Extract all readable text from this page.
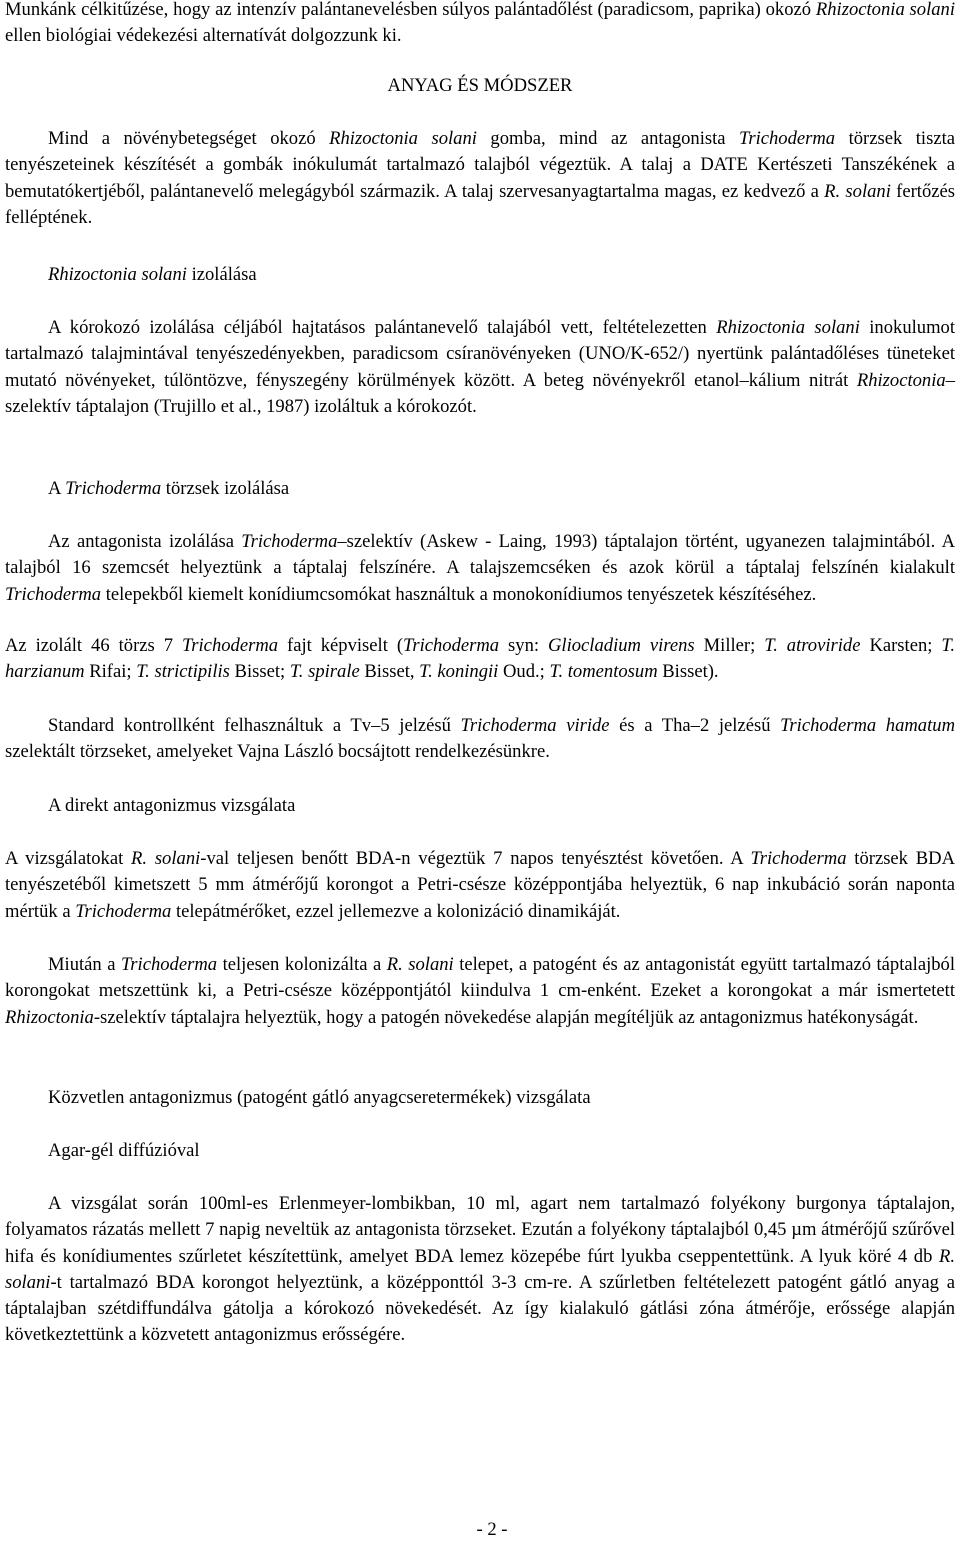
Munkánk célkitűzése, hogy az intenzív palántanevelésben súlyos palántadőlést (paradicsom, paprika) okozó Rhizoctonia solani ellen biológiai védekezési alternatívát dolgozzunk ki.

ANYAG ÉS MÓDSZER

Mind a növénybetegséget okozó Rhizoctonia solani gomba, mind az antagonista Trichoderma törzsek tiszta tenyészeteinek készítését a gombák inókulumát tartalmazó talajból végeztük. A talaj a DATE Kertészeti Tanszékének a bemutatókertjéből, palántanevelő melegágyból származik. A talaj szervesanyagtartalma magas, ez kedvező a R. solani fertőzés felléptének.

Rhizoctonia solani izolálása

A kórokozó izolálása céljából hajtatásos palántanevelő talajából vett, feltételezetten Rhizoctonia solani inokulumot tartalmazó talajmintával tenyészedényekben, paradicsom csíranövényeken (UNO/K-652/) nyertünk palántadőléses tüneteket mutató növényeket, túlöntözve, fényszegény körülmények között. A beteg növényekről etanol–kálium nitrát Rhizoctonia–szelektív táptalajon (Trujillo et al., 1987) izoláltuk a kórokozót.

A Trichoderma törzsek izolálása

Az antagonista izolálása Trichoderma–szelektív (Askew - Laing, 1993) táptalajon történt, ugyanezen talajmintából. A talajból 16 szemcsét helyeztünk a táptalaj felszínére. A talajszemcséken és azok körül a táptalaj felszínén kialakult Trichoderma telepekből kiemelt konídiumcsomókat használtuk a monokonídiumos tenyészetek készítéséhez.

Az izolált 46 törzs 7 Trichoderma fajt képviselt (Trichoderma syn: Gliocladium virens Miller; T. atroviride Karsten; T. harzianum Rifai; T. strictipilis Bisset; T. spirale Bisset, T. koningii Oud.; T. tomentosum Bisset).

Standard kontrollként felhasználtuk a Tv–5 jelzésű Trichoderma viride és a Tha–2 jelzésű Trichoderma hamatum szelektált törzseket, amelyeket Vajna László bocsájtott rendelkezésünkre.

A direkt antagonizmus vizsgálata

A vizsgálatokat R. solani-val teljesen benőtt BDA-n végeztük 7 napos tenyésztést követően. A Trichoderma törzsek BDA tenyészetéből kimetszett 5 mm átmérőjű korongot a Petri-csésze középpontjába helyeztük, 6 nap inkubáció során naponta mértük a Trichoderma telepátmérőket, ezzel jellemezve a kolonizáció dinamikáját.

Miután a Trichoderma teljesen kolonizálta a R. solani telepet, a patogént és az antagonistát együtt tartalmazó táptalajból korongokat metszettünk ki, a Petri-csésze középpontjától kiindulva 1 cm-enként. Ezeket a korongokat a már ismertetett Rhizoctonia-szelektív táptalajra helyeztük, hogy a patogén növekedése alapján megítéljük az antagonizmus hatékonyságát.

Közvetlen antagonizmus (patogént gátló anyagcseretermékek) vizsgálata

Agar-gél diffúzióval

A vizsgálat során 100ml-es Erlenmeyer-lombikban, 10 ml, agart nem tartalmazó folyékony burgonya táptalajon, folyamatos rázatás mellett 7 napig neveltük az antagonista törzseket. Ezután a folyékony táptalajból 0,45 µm átmérőjű szűrővel hifa és konídiumentes szűrletet készítettünk, amelyet BDA lemez közepébe fúrt lyukba cseppentettünk. A lyuk köré 4 db R. solani-t tartalmazó BDA korongot helyeztünk, a középponttól 3-3 cm-re. A szűrletben feltételezett patogént gátló anyag a táptalajban szétdiffundálva gátolja a kórokozó növekedését. Az így kialakuló gátlási zóna átmérője, erőssége alapján következtettünk a közvetett antagonizmus erősségére.

- 2 -
